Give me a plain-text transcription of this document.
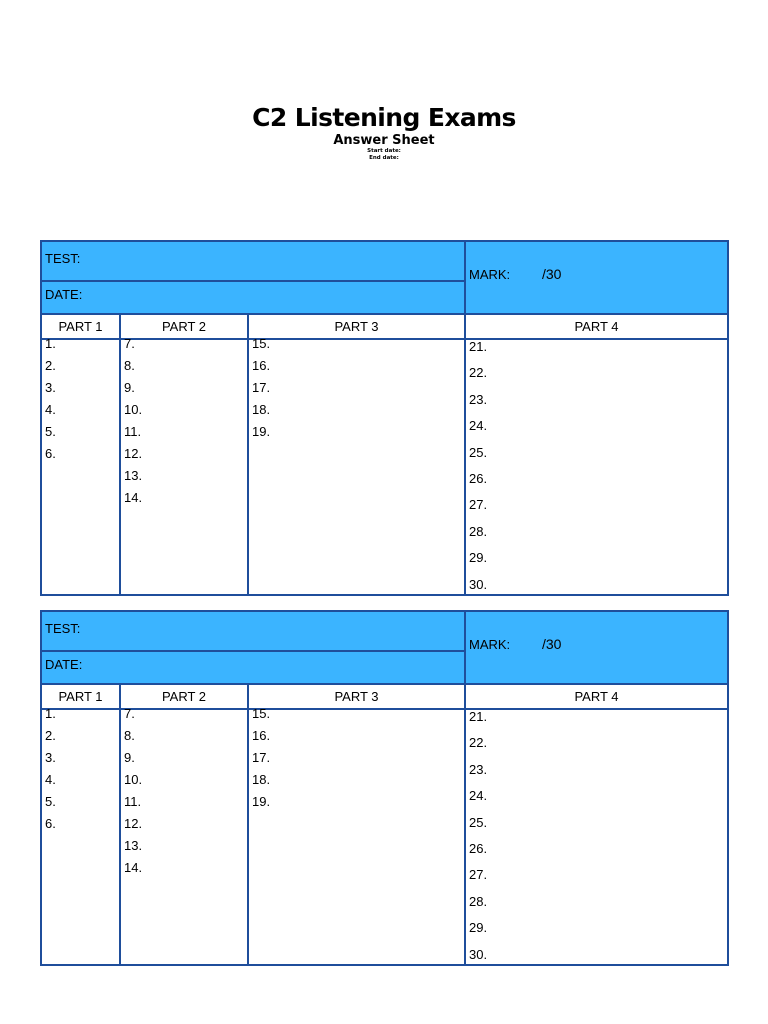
C2 Listening Exams
Answer Sheet
Start date:
End date:
TEST:
DATE:
MARK: /30
PART 1
1.
2.
3.
4.
5.
6.
PART 2
7.
8.
9.
10.
11.
12.
13.
14.
PART 3
15.
16.
17.
18.
19.
PART 4
21.
22.
23.
24.
25.
26.
27.
28.
29.
30.
TEST:
DATE:
MARK: /30
PART 1
1.
2.
3.
4.
5.
6.
PART 2
7.
8.
9.
10.
11.
12.
13.
14.
PART 3
15.
16.
17.
18.
19.
PART 4
21.
22.
23.
24.
25.
26.
27.
28.
29.
30.
